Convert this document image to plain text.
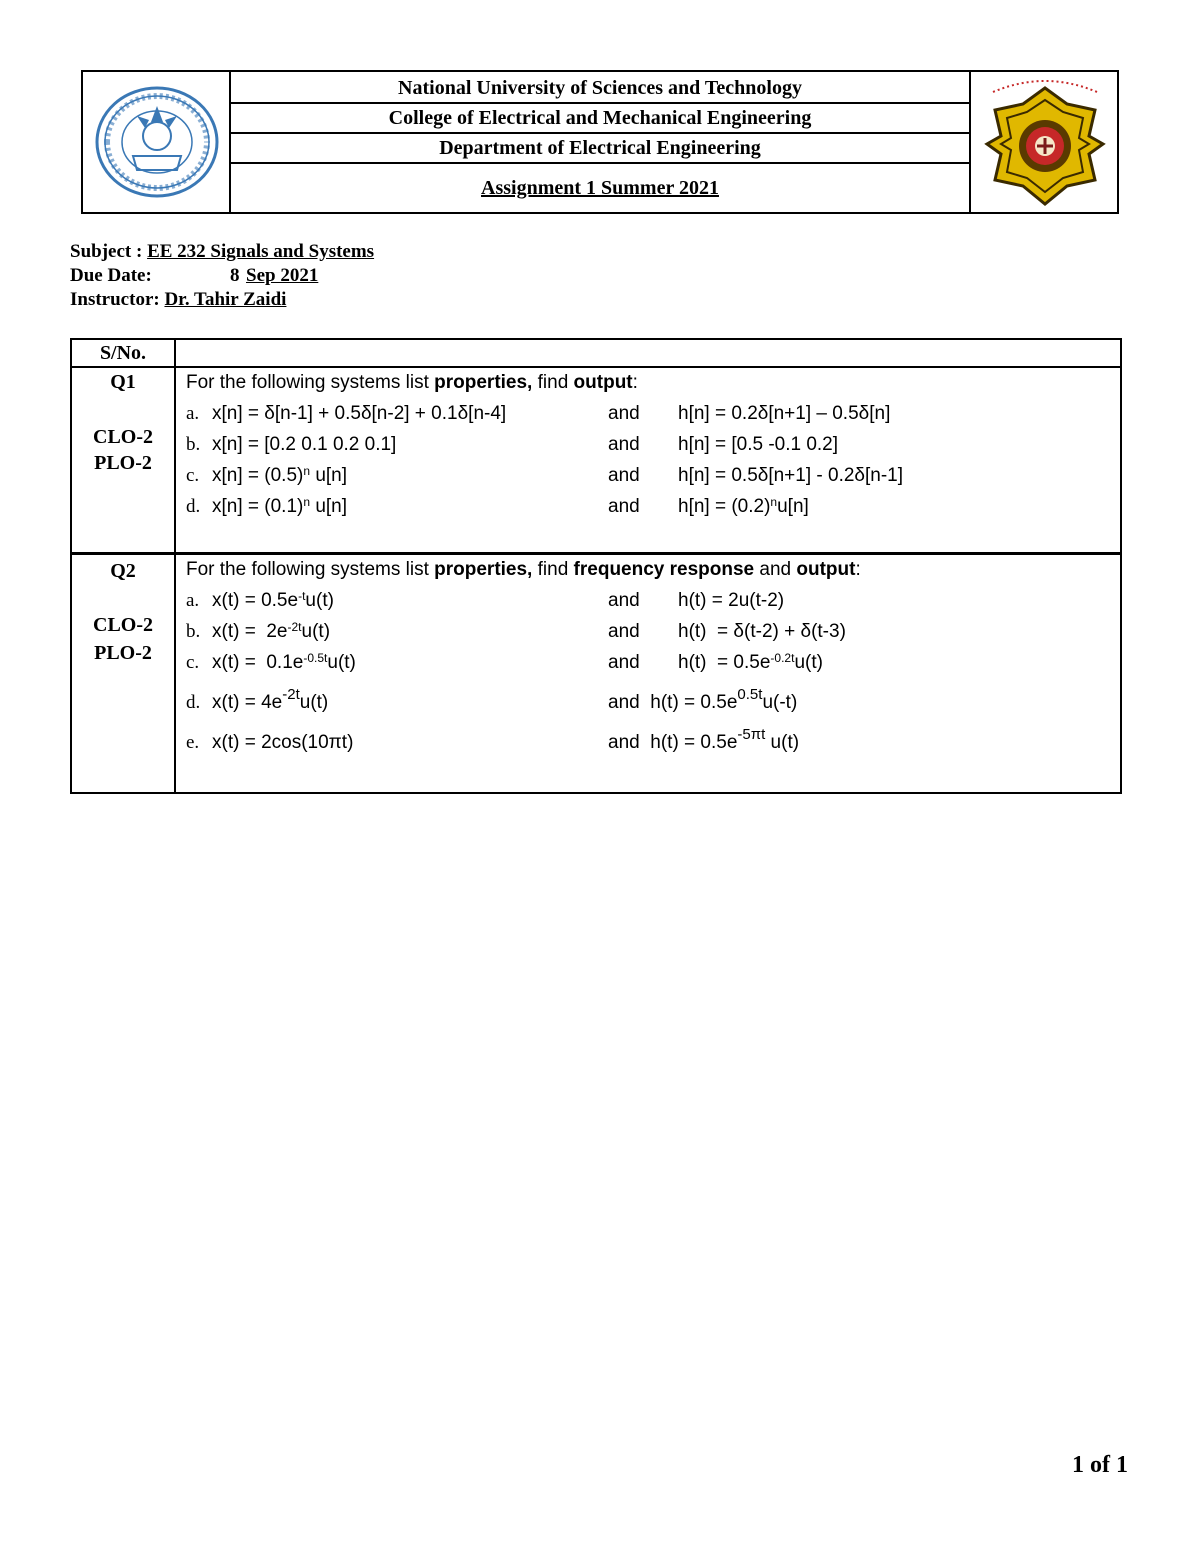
National University of Sciences and Technology
College of Electrical and Mechanical Engineering
Department of Electrical Engineering
Assignment 1 Summer 2021
Subject : EE 232 Signals and Systems
Due Date:	8 Sep 2021
Instructor: Dr. Tahir Zaidi
S/No.
Q1
CLO-2
PLO-2
For the following systems list properties, find output:
a. x[n] = δ[n-1] + 0.5δ[n-2] + 0.1δ[n-4]	and h[n] = 0.2δ[n+1] – 0.5δ[n]
b. x[n] = [0.2 0.1 0.2 0.1]	and h[n] = [0.5 -0.1 0.2]
c. $x[n] = (0.5)^n$ u[n]	and h[n] = 0.5δ[n+1] - 0.2δ[n-1]
d. $x[n] = (0.1)^n$ u[n]	and $h[n] = (0.2)^nu[n]$
Q2
CLO-2
PLO-2
For the following systems list properties, find frequency response and output:
a. $x(t) = 0.5e^{-t}u(t)$	and h(t) = 2u(t-2)
b. $x(t) = 2e^{-2t}u(t)$	and h(t)  = δ(t-2) + δ(t-3)
c. $x(t) = 0.1e^{-0.5t}u(t)$	and $h(t) = 0.5e^{-0.2t}u(t)$
d. $x(t) = 4e^{-2t}u(t)$	and $h(t) = 0.5e^{0.5t}u(-t)$
e. x(t) = 2cos(10πt)	and $h(t) = 0.5e^{-5\pi t}$ u(t)
1 of 1
